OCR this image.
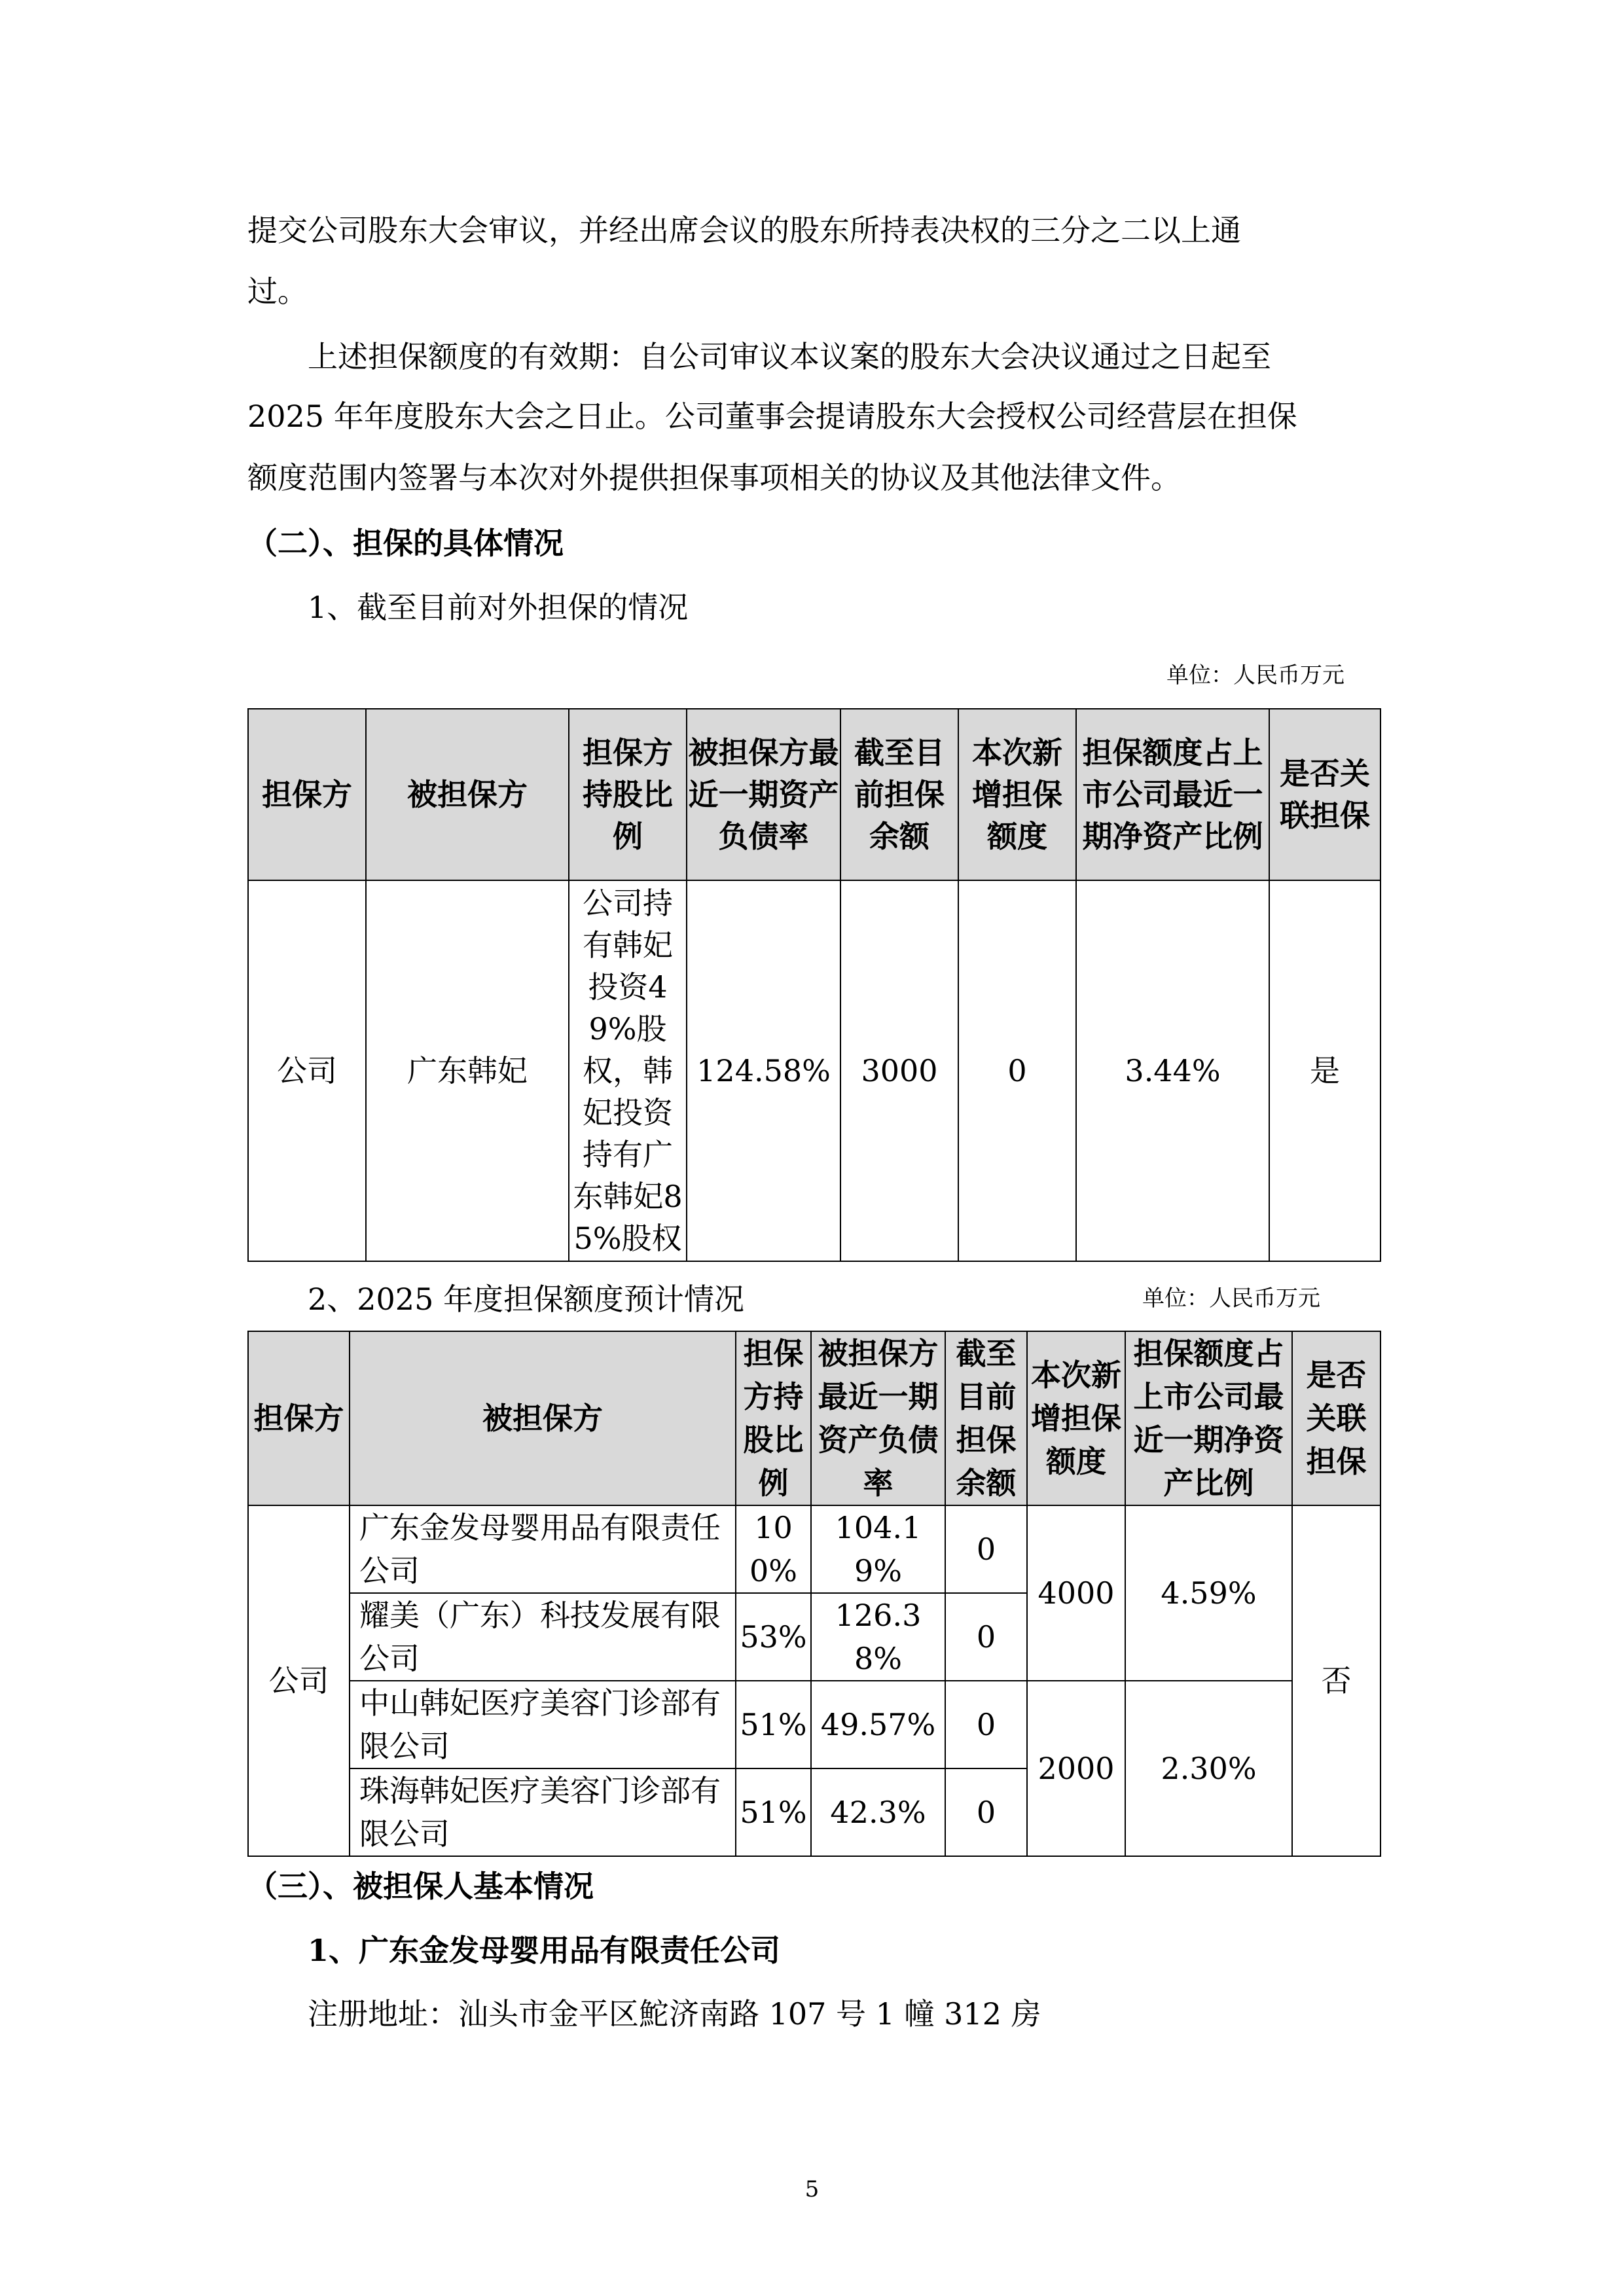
提交公司股东大会审议，并经出席会议的股东所持表决权的三分之二以上通
过。
上述担保额度的有效期：自公司审议本议案的股东大会决议通过之日起至
2025 年年度股东大会之日止。公司董事会提请股东大会授权公司经营层在担保
额度范围内签署与本次对外提供担保事项相关的协议及其他法律文件。
（二）、担保的具体情况
1、截至目前对外担保的情况
单位：人民币万元
担保方	被担保方	担保方持股比例	被担保方最近一期资产负债率	截至目前担保余额	本次新增担保额度	担保额度占上市公司最近一期净资产比例	是否关联担保
公司	广东韩妃	公司持有韩妃投资49%股权，韩妃投资持有广东韩妃85%股权	124.58%	3000	0	3.44%	是
2、2025 年度担保额度预计情况	单位：人民币万元
担保方	被担保方	担保方持股比例	被担保方最近一期资产负债率	截至目前担保余额	本次新增担保额度	担保额度占上市公司最近一期净资产比例	是否关联担保
公司	广东金发母婴用品有限责任公司	100%	104.19%	0	4000	4.59%	否
	耀美（广东）科技发展有限公司	53%	126.38%	0			
	中山韩妃医疗美容门诊部有限公司	51%	49.57%	0	2000	2.30%	
	珠海韩妃医疗美容门诊部有限公司	51%	42.3%	0			
（三）、被担保人基本情况
1、广东金发母婴用品有限责任公司
注册地址：汕头市金平区鮀济南路 107 号 1 幢 312 房
5
